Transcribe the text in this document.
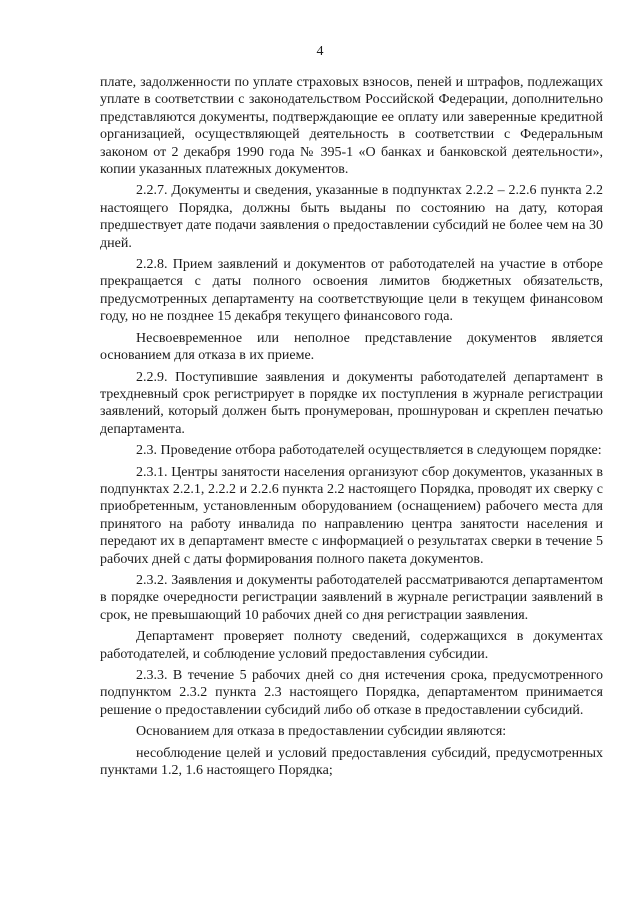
4

плате, задолженности по уплате страховых взносов, пеней и штрафов, подлежащих уплате в соответствии с законодательством Российской Федерации, дополнительно представляются документы, подтверждающие ее оплату или заверенные кредитной организацией, осуществляющей деятельность в соответствии с Федеральным законом от 2 декабря 1990 года № 395-1 «О банках и банковской деятельности», копии указанных платежных документов.

2.2.7. Документы и сведения, указанные в подпунктах 2.2.2 – 2.2.6 пункта 2.2 настоящего Порядка, должны быть выданы по состоянию на дату, которая предшествует дате подачи заявления о предоставлении субсидий не более чем на 30 дней.

2.2.8. Прием заявлений и документов от работодателей на участие в отборе прекращается с даты полного освоения лимитов бюджетных обязательств, предусмотренных департаменту на соответствующие цели в текущем финансовом году, но не позднее 15 декабря текущего финансового года.

Несвоевременное или неполное представление документов является основанием для отказа в их приеме.

2.2.9. Поступившие заявления и документы работодателей департамент в трехдневный срок регистрирует в порядке их поступления в журнале регистрации заявлений, который должен быть пронумерован, прошнурован и скреплен печатью департамента.

2.3. Проведение отбора работодателей осуществляется в следующем порядке:

2.3.1. Центры занятости населения организуют сбор документов, указанных в подпунктах 2.2.1, 2.2.2 и 2.2.6 пункта 2.2 настоящего Порядка, проводят их сверку с приобретенным, установленным оборудованием (оснащением) рабочего места для принятого на работу инвалида по направлению центра занятости населения и передают их в департамент вместе с информацией о результатах сверки в течение 5 рабочих дней с даты формирования полного пакета документов.

2.3.2. Заявления и документы работодателей рассматриваются департаментом в порядке очередности регистрации заявлений в журнале регистрации заявлений в срок, не превышающий 10 рабочих дней со дня регистрации заявления.

Департамент проверяет полноту сведений, содержащихся в документах работодателей, и соблюдение условий предоставления субсидии.

2.3.3. В течение 5 рабочих дней со дня истечения срока, предусмотренного подпунктом 2.3.2 пункта 2.3 настоящего Порядка, департаментом принимается решение о предоставлении субсидий либо об отказе в предоставлении субсидий.

Основанием для отказа в предоставлении субсидии являются:

несоблюдение целей и условий предоставления субсидий, предусмотренных пунктами 1.2, 1.6 настоящего Порядка;
